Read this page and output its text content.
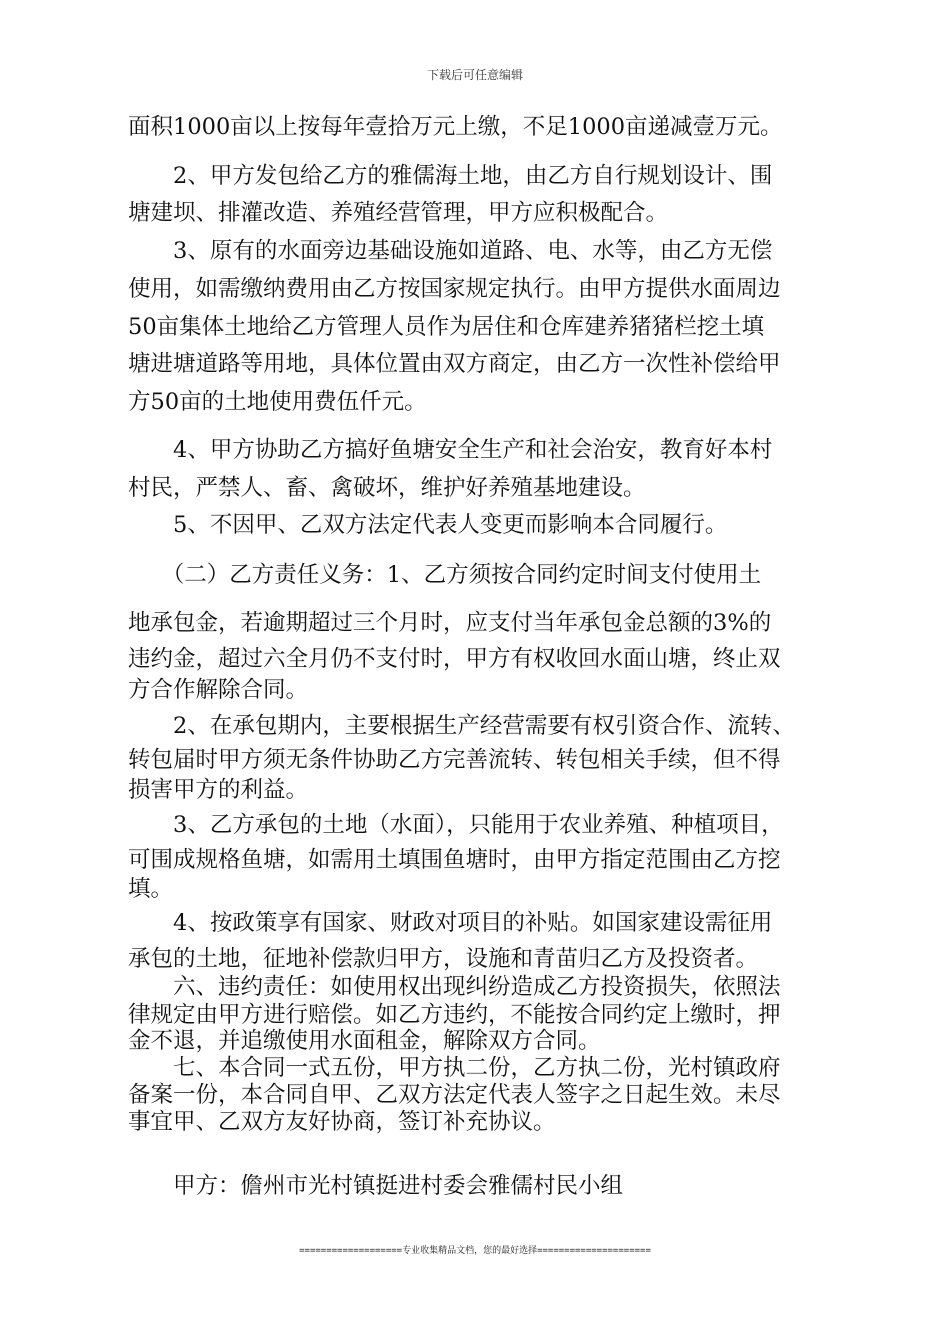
下载后可任意编辑
面积1000亩以上按每年壹拾万元上缴，不足1000亩递减壹万元。
　　2、甲方发包给乙方的雅儒海土地，由乙方自行规划设计、围
塘建坝、排灌改造、养殖经营管理，甲方应积极配合。
　　3、原有的水面旁边基础设施如道路、电、水等，由乙方无偿
使用，如需缴纳费用由乙方按国家规定执行。由甲方提供水面周边
50亩集体土地给乙方管理人员作为居住和仓库建养猪猪栏挖土填
塘进塘道路等用地，具体位置由双方商定，由乙方一次性补偿给甲
方50亩的土地使用费伍仟元。
　　4、甲方协助乙方搞好鱼塘安全生产和社会治安，教育好本村
村民，严禁人、畜、禽破坏，维护好养殖基地建设。
　　5、不因甲、乙双方法定代表人变更而影响本合同履行。
　　（二）乙方责任义务：1、乙方须按合同约定时间支付使用土
地承包金，若逾期超过三个月时，应支付当年承包金总额的3%的
违约金，超过六全月仍不支付时，甲方有权收回水面山塘，终止双
方合作解除合同。
　　2、在承包期内，主要根据生产经营需要有权引资合作、流转、
转包届时甲方须无条件协助乙方完善流转、转包相关手续，但不得
损害甲方的利益。
　　3、乙方承包的土地（水面），只能用于农业养殖、种植项目，
可围成规格鱼塘，如需用土填围鱼塘时，由甲方指定范围由乙方挖
填。
　　4、按政策享有国家、财政对项目的补贴。如国家建设需征用
承包的土地，征地补偿款归甲方，设施和青苗归乙方及投资者。
　　六、违约责任：如使用权出现纠纷造成乙方投资损失，依照法
律规定由甲方进行赔偿。如乙方违约，不能按合同约定上缴时，押
金不退，并追缴使用水面租金，解除双方合同。
　　七、本合同一式五份，甲方执二份，乙方执二份，光村镇政府
备案一份，本合同自甲、乙双方法定代表人签字之日起生效。未尽
事宜甲、乙双方友好协商，签订补充协议。
　　甲方：儋州市光村镇挺进村委会雅儒村民小组
===================专业收集精品文档，您的最好选择=====================
